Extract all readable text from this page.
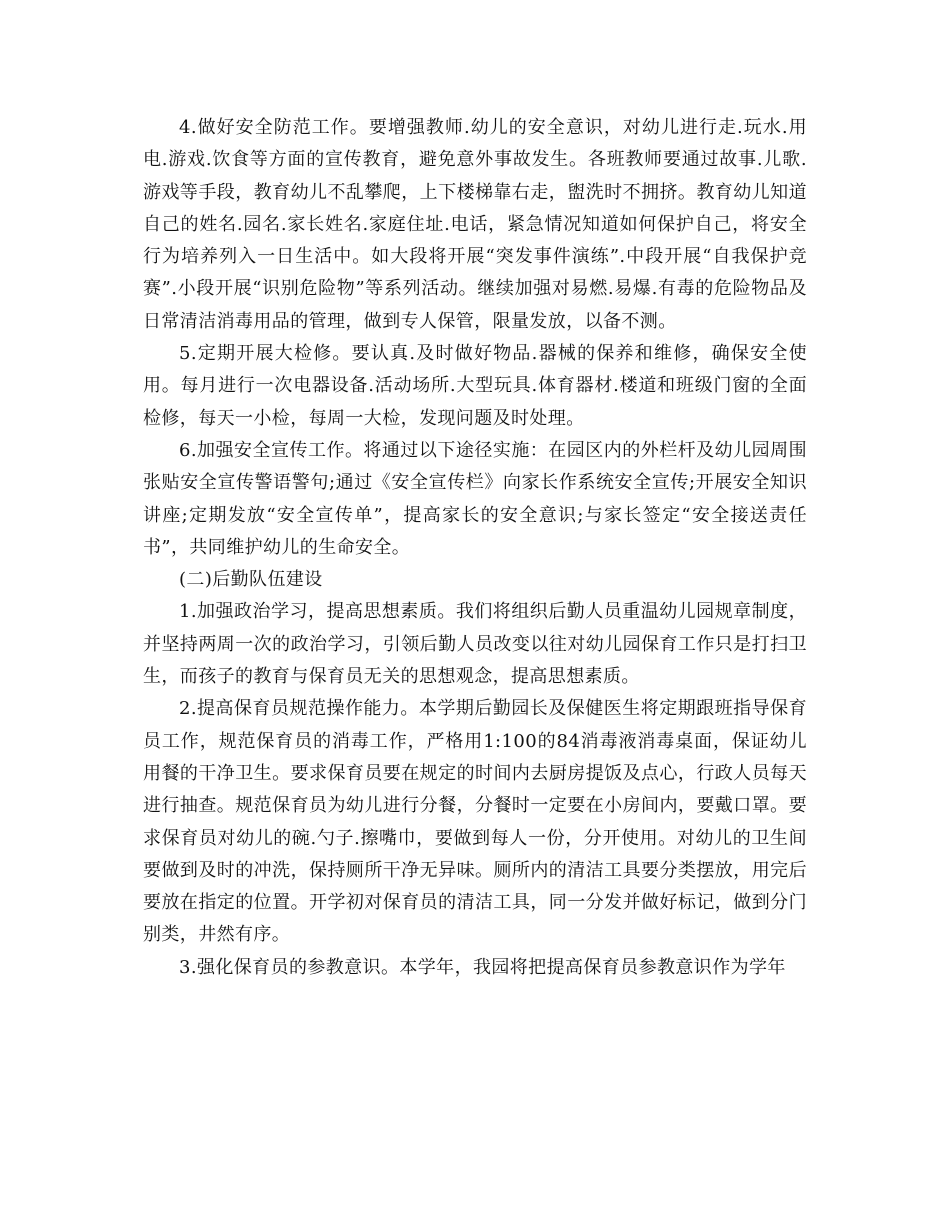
4.做好安全防范工作。要增强教师.幼儿的安全意识，对幼儿进行走.玩水.用电.游戏.饮食等方面的宣传教育，避免意外事故发生。各班教师要通过故事.儿歌.游戏等手段，教育幼儿不乱攀爬，上下楼梯靠右走，盥洗时不拥挤。教育幼儿知道自己的姓名.园名.家长姓名.家庭住址.电话，紧急情况知道如何保护自己，将安全行为培养列入一日生活中。如大段将开展“突发事件演练”.中段开展“自我保护竞赛”.小段开展“识别危险物”等系列活动。继续加强对易燃.易爆.有毒的危险物品及日常清洁消毒用品的管理，做到专人保管，限量发放，以备不测。

5.定期开展大检修。要认真.及时做好物品.器械的保养和维修，确保安全使用。每月进行一次电器设备.活动场所.大型玩具.体育器材.楼道和班级门窗的全面检修，每天一小检，每周一大检，发现问题及时处理。

6.加强安全宣传工作。将通过以下途径实施：在园区内的外栏杆及幼儿园周围张贴安全宣传警语警句;通过《安全宣传栏》向家长作系统安全宣传;开展安全知识讲座;定期发放“安全宣传单”，提高家长的安全意识;与家长签定“安全接送责任书”，共同维护幼儿的生命安全。

(二)后勤队伍建设

1.加强政治学习，提高思想素质。我们将组织后勤人员重温幼儿园规章制度，并坚持两周一次的政治学习，引领后勤人员改变以往对幼儿园保育工作只是打扫卫生，而孩子的教育与保育员无关的思想观念，提高思想素质。

2.提高保育员规范操作能力。本学期后勤园长及保健医生将定期跟班指导保育员工作，规范保育员的消毒工作，严格用1:100的84消毒液消毒桌面，保证幼儿用餐的干净卫生。要求保育员要在规定的时间内去厨房提饭及点心，行政人员每天进行抽查。规范保育员为幼儿进行分餐，分餐时一定要在小房间内，要戴口罩。要求保育员对幼儿的碗.勺子.擦嘴巾，要做到每人一份，分开使用。对幼儿的卫生间要做到及时的冲洗，保持厕所干净无异味。厕所内的清洁工具要分类摆放，用完后要放在指定的位置。开学初对保育员的清洁工具，同一分发并做好标记，做到分门别类，井然有序。

3.强化保育员的参教意识。本学年，我园将把提高保育员参教意识作为学年
